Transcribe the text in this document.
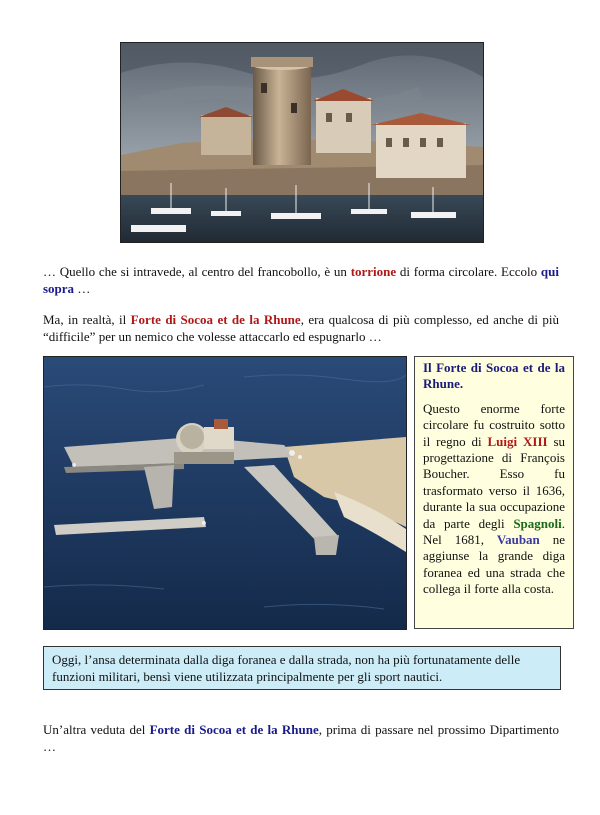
… Quello che si intravede, al centro del francobollo, è un torrione di forma circolare. Eccolo qui sopra …

Ma, in realtà, il Forte di Socoa et de la Rhune, era qualcosa di più complesso, ed anche di più “difficile” per un nemico che volesse attaccarlo ed espugnarlo …

Il Forte di Socoa et de la Rhune.

Questo enorme forte circolare fu costruito sotto il regno di Luigi XIII su progettazione di François Boucher. Esso fu trasformato verso il 1636, durante la sua occupazione da parte degli Spagnoli. Nel 1681, Vauban ne aggiunse la grande diga foranea ed una strada che collega il forte alla costa.

Oggi, l’ansa determinata dalla diga foranea e dalla strada, non ha più fortunatamente delle funzioni militari, bensì viene utilizzata principalmente per gli sport nautici.

Un’altra veduta del Forte di Socoa et de la Rhune, prima di passare nel prossimo Dipartimento …
